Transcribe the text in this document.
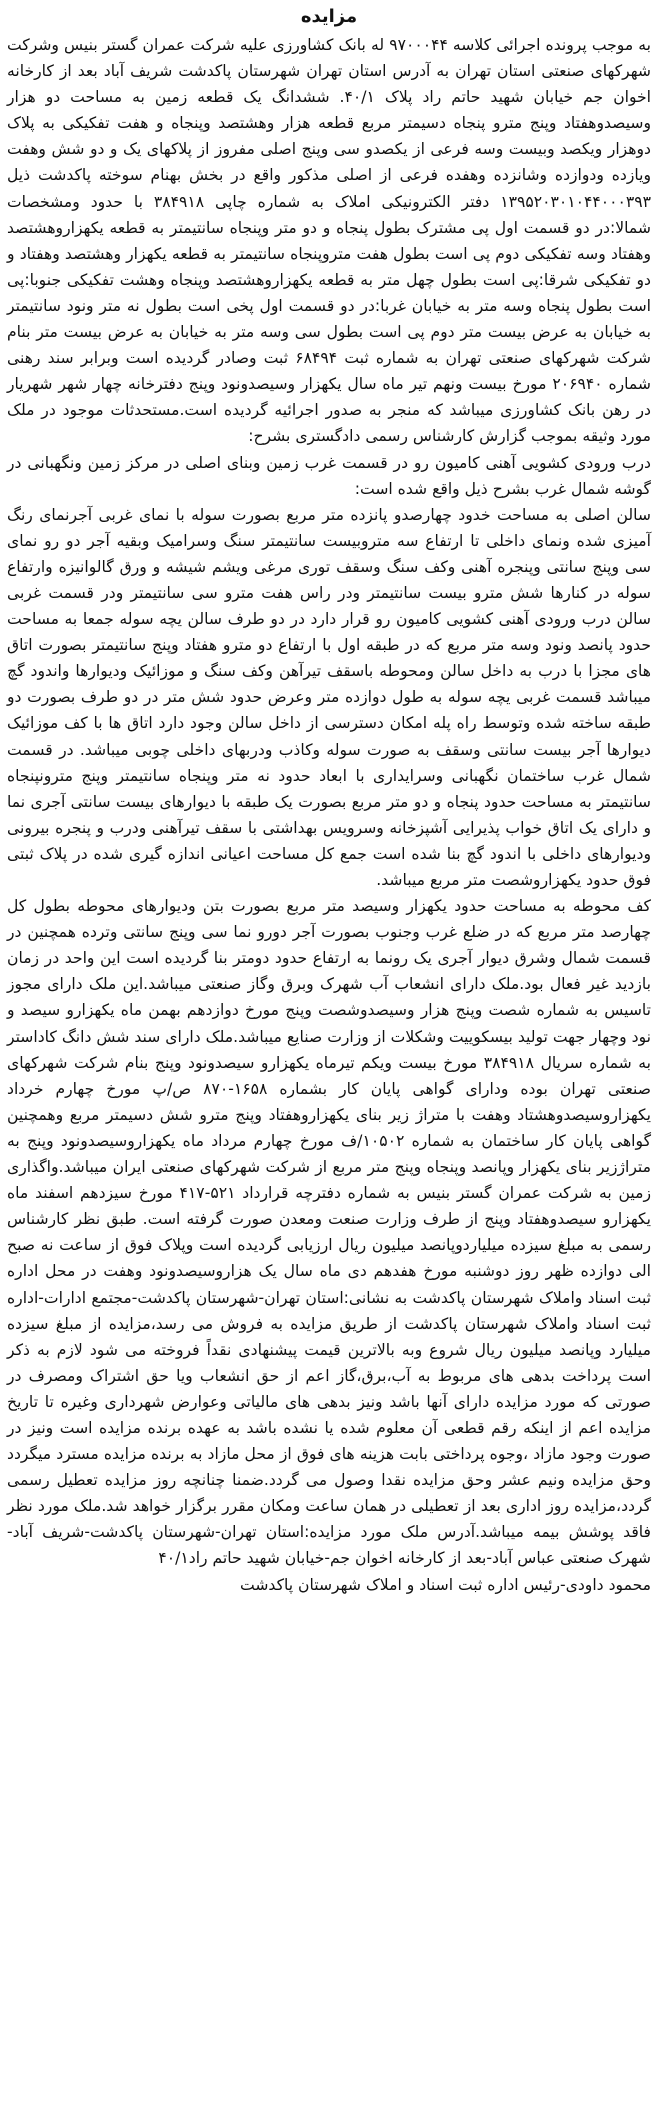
مزایده

به موجب پرونده اجرائی کلاسه ۹۷۰۰۰۴۴ له بانک کشاورزی علیه شرکت عمران گستر بنیس وشرکت شهرکهای صنعتی استان تهران به آدرس استان تهران شهرستان پاکدشت شریف آباد بعد از کارخانه اخوان جم خیابان شهید حاتم راد پلاک ۴۰/۱. ششدانگ یک قطعه زمین به مساحت دو هزار وسیصدوهفتاد وپنج مترو پنجاه دسیمتر مربع قطعه هزار وهشتصد وپنجاه و هفت تفکیکی به پلاک دوهزار ویکصد وبیست وسه فرعی از یکصدو سی وپنج اصلی مفروز از پلاکهای یک و دو شش وهفت ویازده ودوازده وشانزده وهفده فرعی از اصلی مذکور واقع در بخش بهنام سوخته پاکدشت ذیل ۱۳۹۵۲۰۳۰۱۰۴۴۰۰۰۳۹۳ دفتر الکترونیکی املاک به شماره چاپی ۳۸۴۹۱۸ با حدود ومشخصات شمالا:در دو قسمت اول پی مشترک بطول پنجاه و دو متر وپنجاه سانتیمتر به قطعه یکهزاروهشتصد وهفتاد وسه تفکیکی دوم پی است بطول هفت متروپنجاه سانتیمتر به قطعه یکهزار وهشتصد وهفتاد و دو تفکیکی شرقا:پی است بطول چهل متر به قطعه یکهزاروهشتصد وپنجاه وهشت تفکیکی جنوبا:پی است بطول پنجاه وسه متر به خیابان غربا:در دو قسمت اول پخی است بطول نه متر ونود سانتیمتر به خیابان به عرض بیست متر دوم پی است بطول سی وسه متر به خیابان به عرض بیست متر بنام شرکت شهرکهای صنعتی تهران به شماره ثبت ۶۸۴۹۴ ثبت وصادر گردیده است وبرابر سند رهنی شماره ۲۰۶۹۴۰ مورخ بیست ونهم تیر ماه سال یکهزار وسیصدونود وپنج دفترخانه چهار شهر شهریار در رهن بانک کشاورزی میباشد که منجر به صدور اجرائیه گردیده است.مستحدثات موجود در ملک مورد وثیقه بموجب گزارش کارشناس رسمی دادگستری بشرح:

درب ورودی کشویی آهنی کامیون رو در قسمت غرب زمین وبنای اصلی در مرکز زمین ونگهبانی در گوشه شمال غرب بشرح ذیل واقع شده است:

سالن اصلی به مساحت خدود چهارصدو پانزده متر مربع بصورت سوله با نمای غربی آجرنمای رنگ آمیزی شده ونمای داخلی تا ارتفاع سه متروبیست سانتیمتر سنگ وسرامیک وبقیه آجر دو رو نمای سی وپنج سانتی وپنجره آهنی وکف سنگ وسقف توری مرغی ویشم شیشه و ورق گالوانیزه وارتفاع سوله در کنارها شش مترو بیست سانتیمتر ودر راس هفت مترو سی سانتیمتر ودر قسمت غربی سالن درب ورودی آهنی کشویی کامیون رو قرار دارد در دو طرف سالن یچه سوله جمعا به مساحت حدود پانصد ونود وسه متر مربع که در طبقه اول با ارتفاع دو مترو هفتاد وپنج سانتیمتر بصورت اتاق های مجزا با درب به داخل سالن ومحوطه باسقف تیرآهن وکف سنگ و موزائیک ودیوارها واندود گچ میباشد قسمت غربی یچه سوله به طول دوازده متر وعرض حدود شش متر در دو طرف بصورت دو طبقه ساخته شده وتوسط راه پله امکان دسترسی از داخل سالن وجود دارد اتاق ها با کف موزائیک دیوارها آجر بیست سانتی وسقف به صورت سوله وکاذب ودربهای داخلی چوبی میباشد. در قسمت شمال غرب ساختمان نگهبانی وسرایداری با ابعاد حدود نه متر وپنجاه سانتیمتر وپنج مترونپنجاه سانتیمتر به مساحت حدود پنجاه و دو متر مربع بصورت یک طبقه با دیوارهای بیست سانتی آجری نما و دارای یک اتاق خواب پذیرایی آشپزخانه وسرویس بهداشتی با سقف تیرآهنی ودرب و پنجره بیرونی ودیوارهای داخلی با اندود گچ بنا شده است جمع کل مساحت اعیانی اندازه گیری شده در پلاک ثبتی فوق حدود یکهزاروشصت متر مربع میباشد.

کف محوطه به مساحت حدود یکهزار وسیصد متر مربع بصورت بتن ودیوارهای محوطه بطول کل چهارصد متر مربع که در ضلع غرب وجنوب بصورت آجر دورو نما سی وپنج سانتی وترده همچنین در قسمت شمال وشرق دیوار آجری یک رونما به ارتفاع حدود دومتر بنا گردیده است این واحد در زمان بازدید غیر فعال بود.ملک دارای انشعاب آب شهرک وبرق وگاز صنعتی میباشد.این ملک دارای مجوز تاسیس به شماره شصت وپنج هزار وسیصدوشصت وپنج مورخ دوازدهم بهمن ماه یکهزارو سیصد و نود وچهار جهت تولید بیسکوییت وشکلات از وزارت صنایع میباشد.ملک دارای سند شش دانگ کاداستر به شماره سریال ۳۸۴۹۱۸ مورخ بیست ویکم تیرماه یکهزارو سیصدونود وپنج بنام شرکت شهرکهای صنعتی تهران بوده ودارای گواهی پایان کار بشماره ۱۶۵۸-۸۷۰ ص/پ مورخ چهارم خرداد یکهزاروسیصدوهشتاد وهفت با متراژ زیر بنای یکهزاروهفتاد وپنج مترو شش دسیمتر مربع وهمچنین گواهی پایان کار ساختمان به شماره ۱۰۵۰۲/ف مورخ چهارم مرداد ماه یکهزاروسیصدونود وپنج به متراژزیر بنای یکهزار وپانصد وپنجاه وپنج متر مربع از شرکت شهرکهای صنعتی ایران میباشد.واگذاری زمین به شرکت عمران گستر بنیس به شماره دفترچه قرارداد ۵۲۱-۴۱۷ مورخ سیزدهم اسفند ماه یکهزارو سیصدوهفتاد وپنج از طرف وزارت صنعت ومعدن صورت گرفته است. طبق نظر کارشناس رسمی به مبلغ سیزده میلیاردوپانصد میلیون ریال ارزیابی گردیده است وپلاک فوق از ساعت نه صبح الی دوازده ظهر روز دوشنبه مورخ هفدهم دی ماه سال یک هزاروسیصدونود وهفت در محل اداره ثبت اسناد واملاک شهرستان پاکدشت به نشانی:استان تهران-شهرستان پاکدشت-مجتمع ادارات-اداره ثبت اسناد واملاک شهرستان پاکدشت از طریق مزایده به فروش می رسد،مزایده از مبلغ سیزده میلیارد وپانصد میلیون ریال شروع وبه بالاترین قیمت پیشنهادی نقداً فروخته می شود لازم به ذکر است پرداخت بدهی های مربوط به آب،برق،گاز اعم از حق انشعاب ویا حق اشتراک ومصرف در صورتی که مورد مزایده دارای آنها باشد ونیز بدهی های مالیاتی وعوارض شهرداری وغیره تا تاریخ مزایده اعم از اینکه رقم قطعی آن معلوم شده یا نشده باشد به عهده برنده مزایده است ونیز در صورت وجود مازاد ،وجوه پرداختی بابت هزینه های فوق از محل مازاد به برنده مزایده مسترد میگردد وحق مزایده ونیم عشر وحق مزایده نقدا وصول می گردد.ضمنا چنانچه روز مزایده تعطیل رسمی گردد،مزایده روز اداری بعد از تعطیلی در همان ساعت ومکان مقرر برگزار خواهد شد.ملک مورد نظر فاقد پوشش بیمه میباشد.آدرس ملک مورد مزایده:استان تهران-شهرستان پاکدشت-شریف آباد-شهرک صنعتی عباس آباد-بعد از کارخانه اخوان جم-خیابان شهید حاتم راد۴۰/۱

محمود داودی-رئیس اداره ثبت اسناد و املاک شهرستان پاکدشت
